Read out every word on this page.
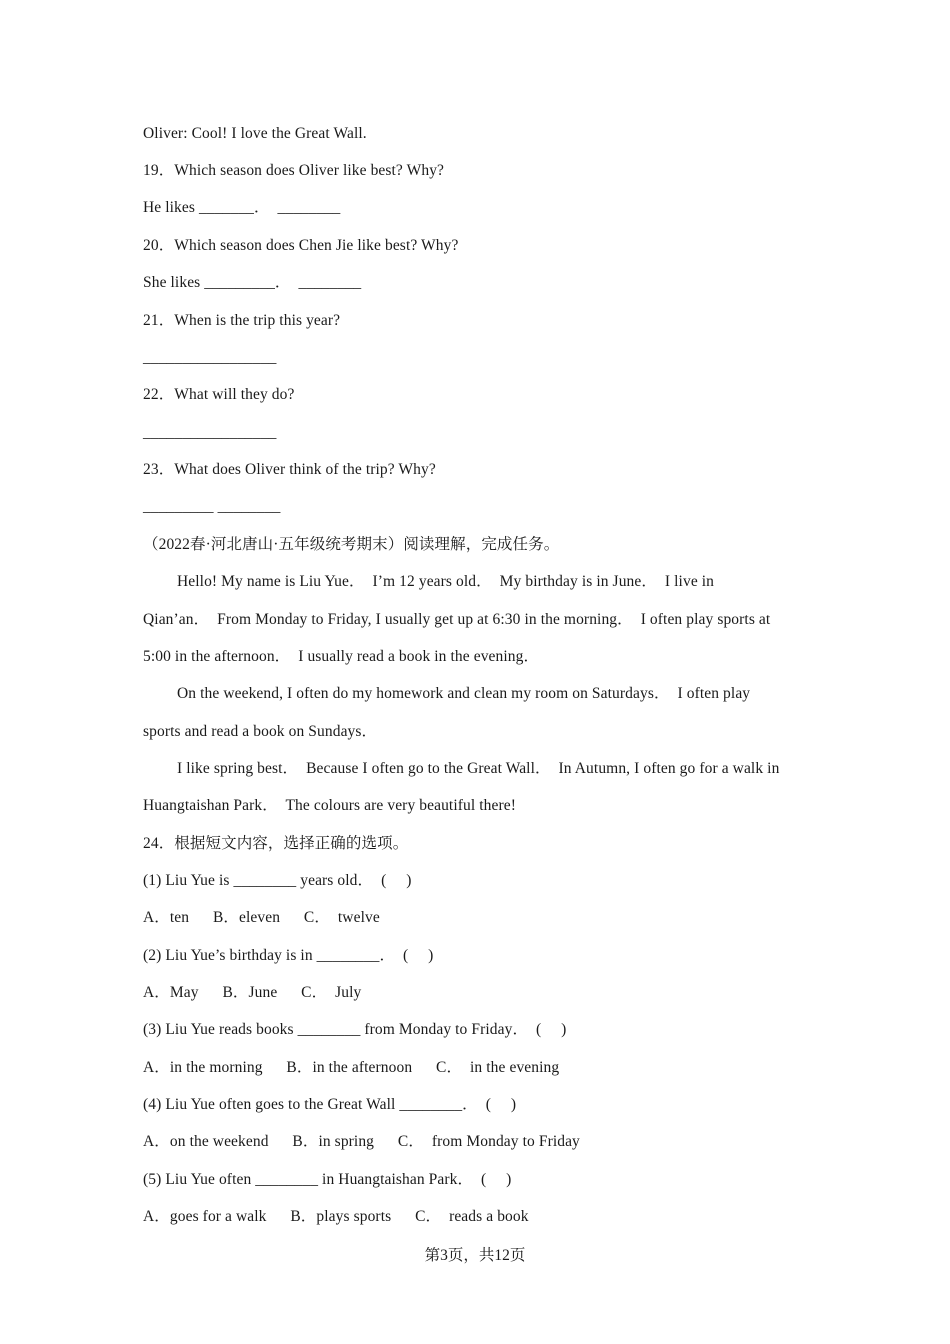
Oliver: Cool! I love the Great Wall.
19．Which season does Oliver like best? Why?
He likes _______．  ________
20．Which season does Chen Jie like best? Why?
She likes _________．  ________
21．When is the trip this year?
_________________
22．What will they do?
_________________
23．What does Oliver think of the trip? Why?
_________ ________
（2022春·河北唐山·五年级统考期末）阅读理解，完成任务。
Hello! My name is Liu Yue．  I’m 12 years old．  My birthday is in June．  I live in
Qian’an．  From Monday to Friday, I usually get up at 6:30 in the morning．  I often play sports at
5:00 in the afternoon．  I usually read a book in the evening．
On the weekend, I often do my homework and clean my room on Saturdays．  I often play
sports and read a book on Sundays．
I like spring best．  Because I often go to the Great Wall．  In Autumn, I often go for a walk in
Huangtaishan Park．  The colours are very beautiful there!
24．根据短文内容，选择正确的选项。
(1) Liu Yue is ________ years old．  (     )
A．ten      B．eleven      C．  twelve
(2) Liu Yue’s birthday is in ________．  (     )
A．May      B．June      C．  July
(3) Liu Yue reads books ________ from Monday to Friday．  (     )
A．in the morning      B．in the afternoon      C．  in the evening
(4) Liu Yue often goes to the Great Wall ________．  (     )
A．on the weekend      B．in spring      C．  from Monday to Friday
(5) Liu Yue often ________ in Huangtaishan Park．  (     )
A．goes for a walk      B．plays sports      C．  reads a book
第3页，共12页
